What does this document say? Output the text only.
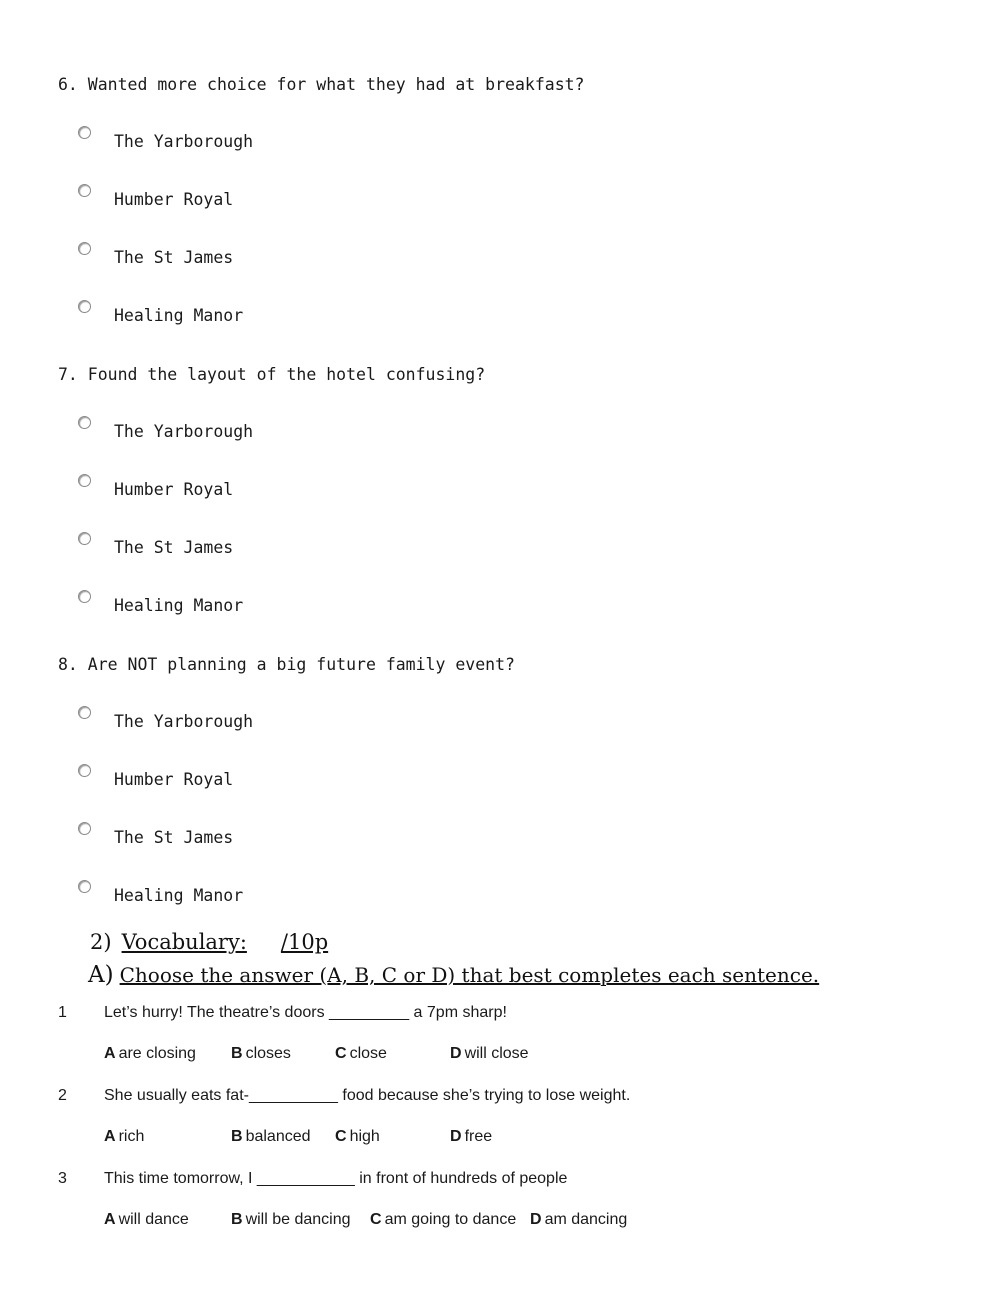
6. Wanted more choice for what they had at breakfast?
The Yarborough
Humber Royal
The St James
Healing Manor
7. Found the layout of the hotel confusing?
The Yarborough
Humber Royal
The St James
Healing Manor
8. Are NOT planning a big future family event?
The Yarborough
Humber Royal
The St James
Healing Manor
2) Vocabulary: /10p
A) Choose the answer (A, B, C or D) that best completes each sentence.
1 Let’s hurry! The theatre’s doors _________ a 7pm sharp!
A are closing B closes	C close	D will close
2 She usually eats fat-__________ food because she’s trying to lose weight.
A rich	B balanced C high	D free
3 This time tomorrow, I ___________ in front of hundreds of people
A will dance	B will be dancing C am going to dance D am dancing
